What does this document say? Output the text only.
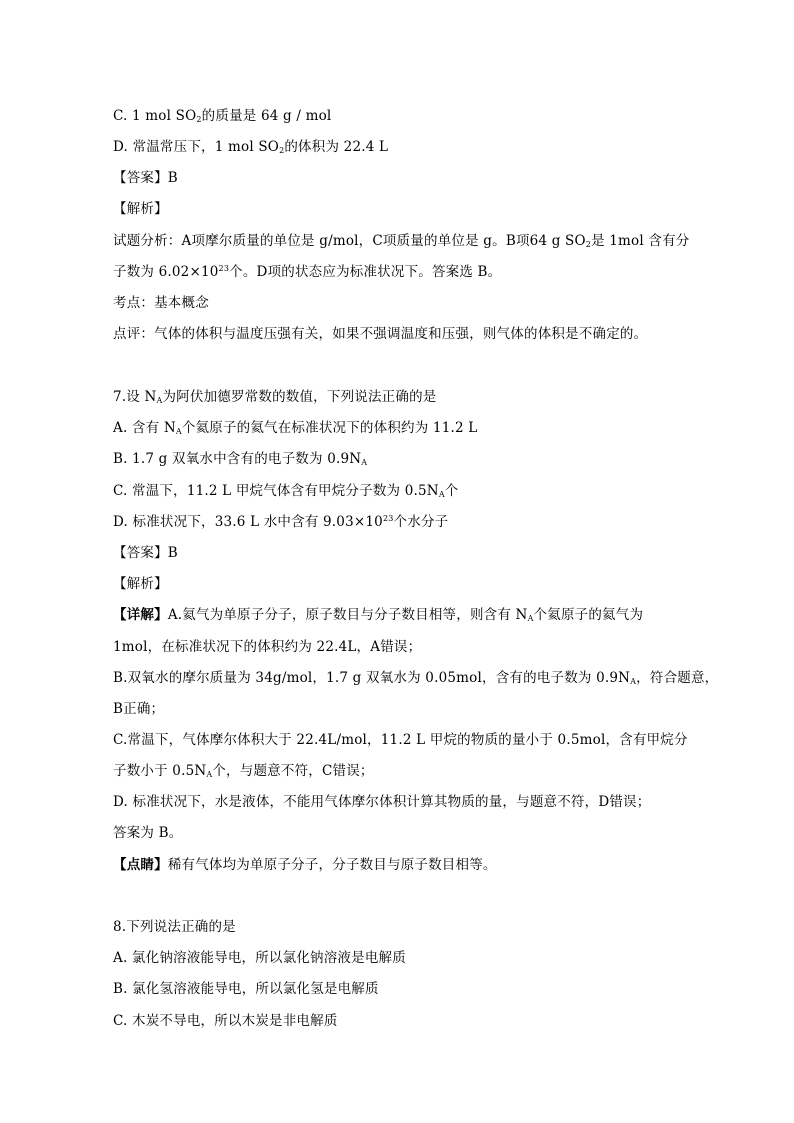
C. 1 mol $SO_2$的质量是 64 g / mol
D. 常温常压下，1 mol $SO_2$的体积为 22.4 L
【答案】B
【解析】
试题分析：A项摩尔质量的单位是 g/mol，C项质量的单位是 g。B项64 g $SO_2$是 1mol 含有分
子数为 $6.02\times 10^{23}$个。D项的状态应为标准状况下。答案选 B。
考点：基本概念
点评：气体的体积与温度压强有关，如果不强调温度和压强，则气体的体积是不确定的。
7.设 $N_A$为阿伏加德罗常数的数值，下列说法正确的是
A. 含有 $N_A$个氦原子的氦气在标准状况下的体积约为 11.2 L
B. 1.7 g 双氧水中含有的电子数为 $0.9N_A$
C. 常温下，11.2 L 甲烷气体含有甲烷分子数为 $0.5N_A$个
D. 标准状况下，33.6 L 水中含有 $9.03\times 10^{23}$个水分子
【答案】B
【解析】
【详解】A.氦气为单原子分子，原子数目与分子数目相等，则含有 $N_A$个氦原子的氦气为
1mol，在标准状况下的体积约为 22.4L，A错误；
B.双氧水的摩尔质量为 34g/mol，1.7 g 双氧水为 0.05mol，含有的电子数为 $0.9N_A$，符合题意，
B正确；
C.常温下，气体摩尔体积大于 22.4L/mol，11.2 L 甲烷的物质的量小于 0.5mol，含有甲烷分
子数小于 $0.5N_A$个，与题意不符，C错误；
D. 标准状况下，水是液体，不能用气体摩尔体积计算其物质的量，与题意不符，D错误；
答案为 B。
【点睛】稀有气体均为单原子分子，分子数目与原子数目相等。
8.下列说法正确的是
A. 氯化钠溶液能导电，所以氯化钠溶液是电解质
B. 氯化氢溶液能导电，所以氯化氢是电解质
C. 木炭不导电，所以木炭是非电解质
